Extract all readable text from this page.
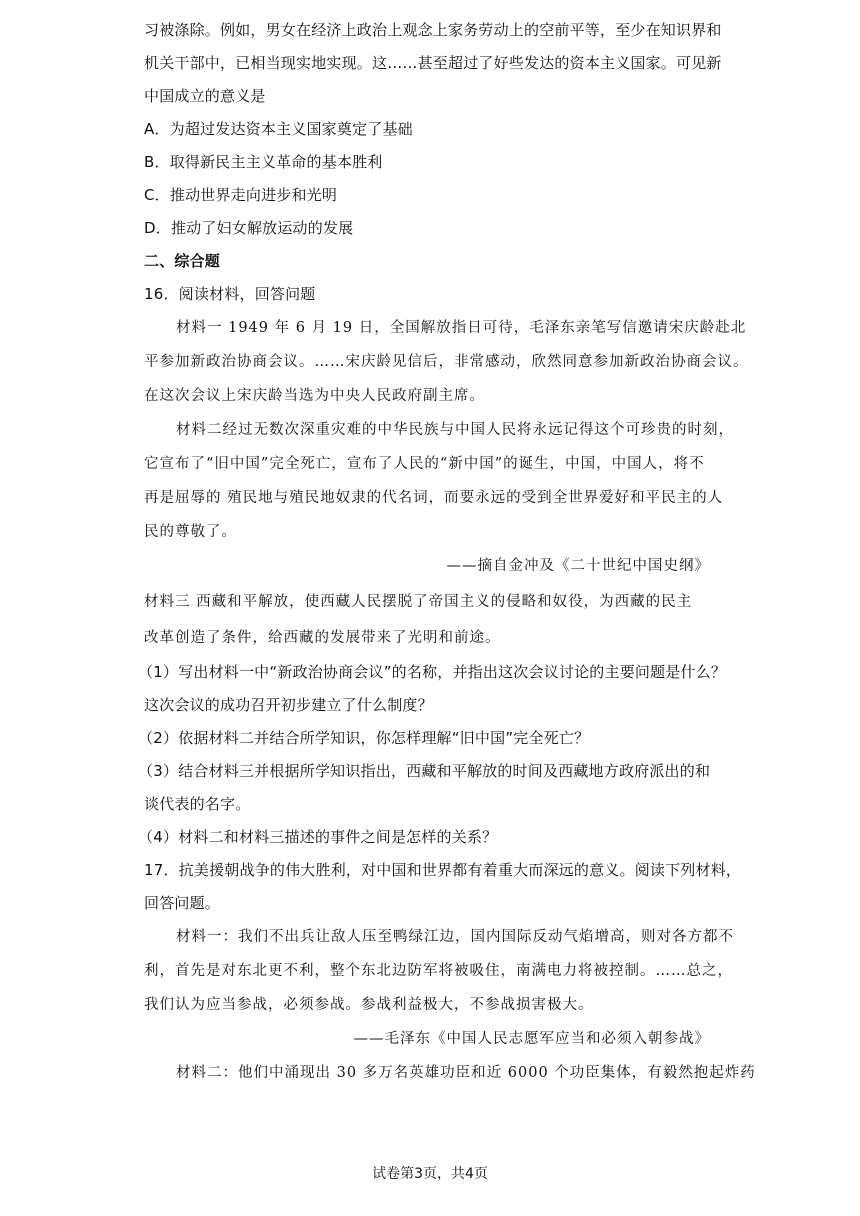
习被涤除。例如，男女在经济上政治上观念上家务劳动上的空前平等，至少在知识界和
机关干部中，已相当现实地实现。这……甚至超过了好些发达的资本主义国家。可见新
中国成立的意义是
A．为超过发达资本主义国家奠定了基础
B．取得新民主主义革命的基本胜利
C．推动世界走向进步和光明
D．推动了妇女解放运动的发展
二、综合题
16．阅读材料，回答问题
材料一 1949 年 6 月 19 日，全国解放指日可待，毛泽东亲笔写信邀请宋庆龄赴北
平参加新政治协商会议。……宋庆龄见信后，非常感动，欣然同意参加新政治协商会议。
在这次会议上宋庆龄当选为中央人民政府副主席。
材料二经过无数次深重灾难的中华民族与中国人民将永远记得这个可珍贵的时刻，
它宣布了“旧中国”完全死亡，宣布了人民的“新中国”的诞生，中国，中国人，将不
再是屈辱的 殖民地与殖民地奴隶的代名词，而要永远的受到全世界爱好和平民主的人
民的尊敬了。
——摘自金冲及《二十世纪中国史纲》
材料三 西藏和平解放，使西藏人民摆脱了帝国主义的侵略和奴役，为西藏的民主
改革创造了条件，给西藏的发展带来了光明和前途。
（1）写出材料一中“新政治协商会议”的名称，并指出这次会议讨论的主要问题是什么？
这次会议的成功召开初步建立了什么制度？
（2）依据材料二并结合所学知识，你怎样理解“旧中国”完全死亡？
（3）结合材料三并根据所学知识指出，西藏和平解放的时间及西藏地方政府派出的和
谈代表的名字。
（4）材料二和材料三描述的事件之间是怎样的关系？
17．抗美援朝战争的伟大胜利，对中国和世界都有着重大而深远的意义。阅读下列材料，
回答问题。
材料一：我们不出兵让敌人压至鸭绿江边，国内国际反动气焰增高，则对各方都不
利，首先是对东北更不利，整个东北边防军将被吸住，南满电力将被控制。……总之，
我们认为应当参战，必须参战。参战利益极大，不参战损害极大。
——毛泽东《中国人民志愿军应当和必须入朝参战》
材料二：他们中涌现出 30 多万名英雄功臣和近 6000 个功臣集体，有毅然抱起炸药
试卷第3页，共4页
